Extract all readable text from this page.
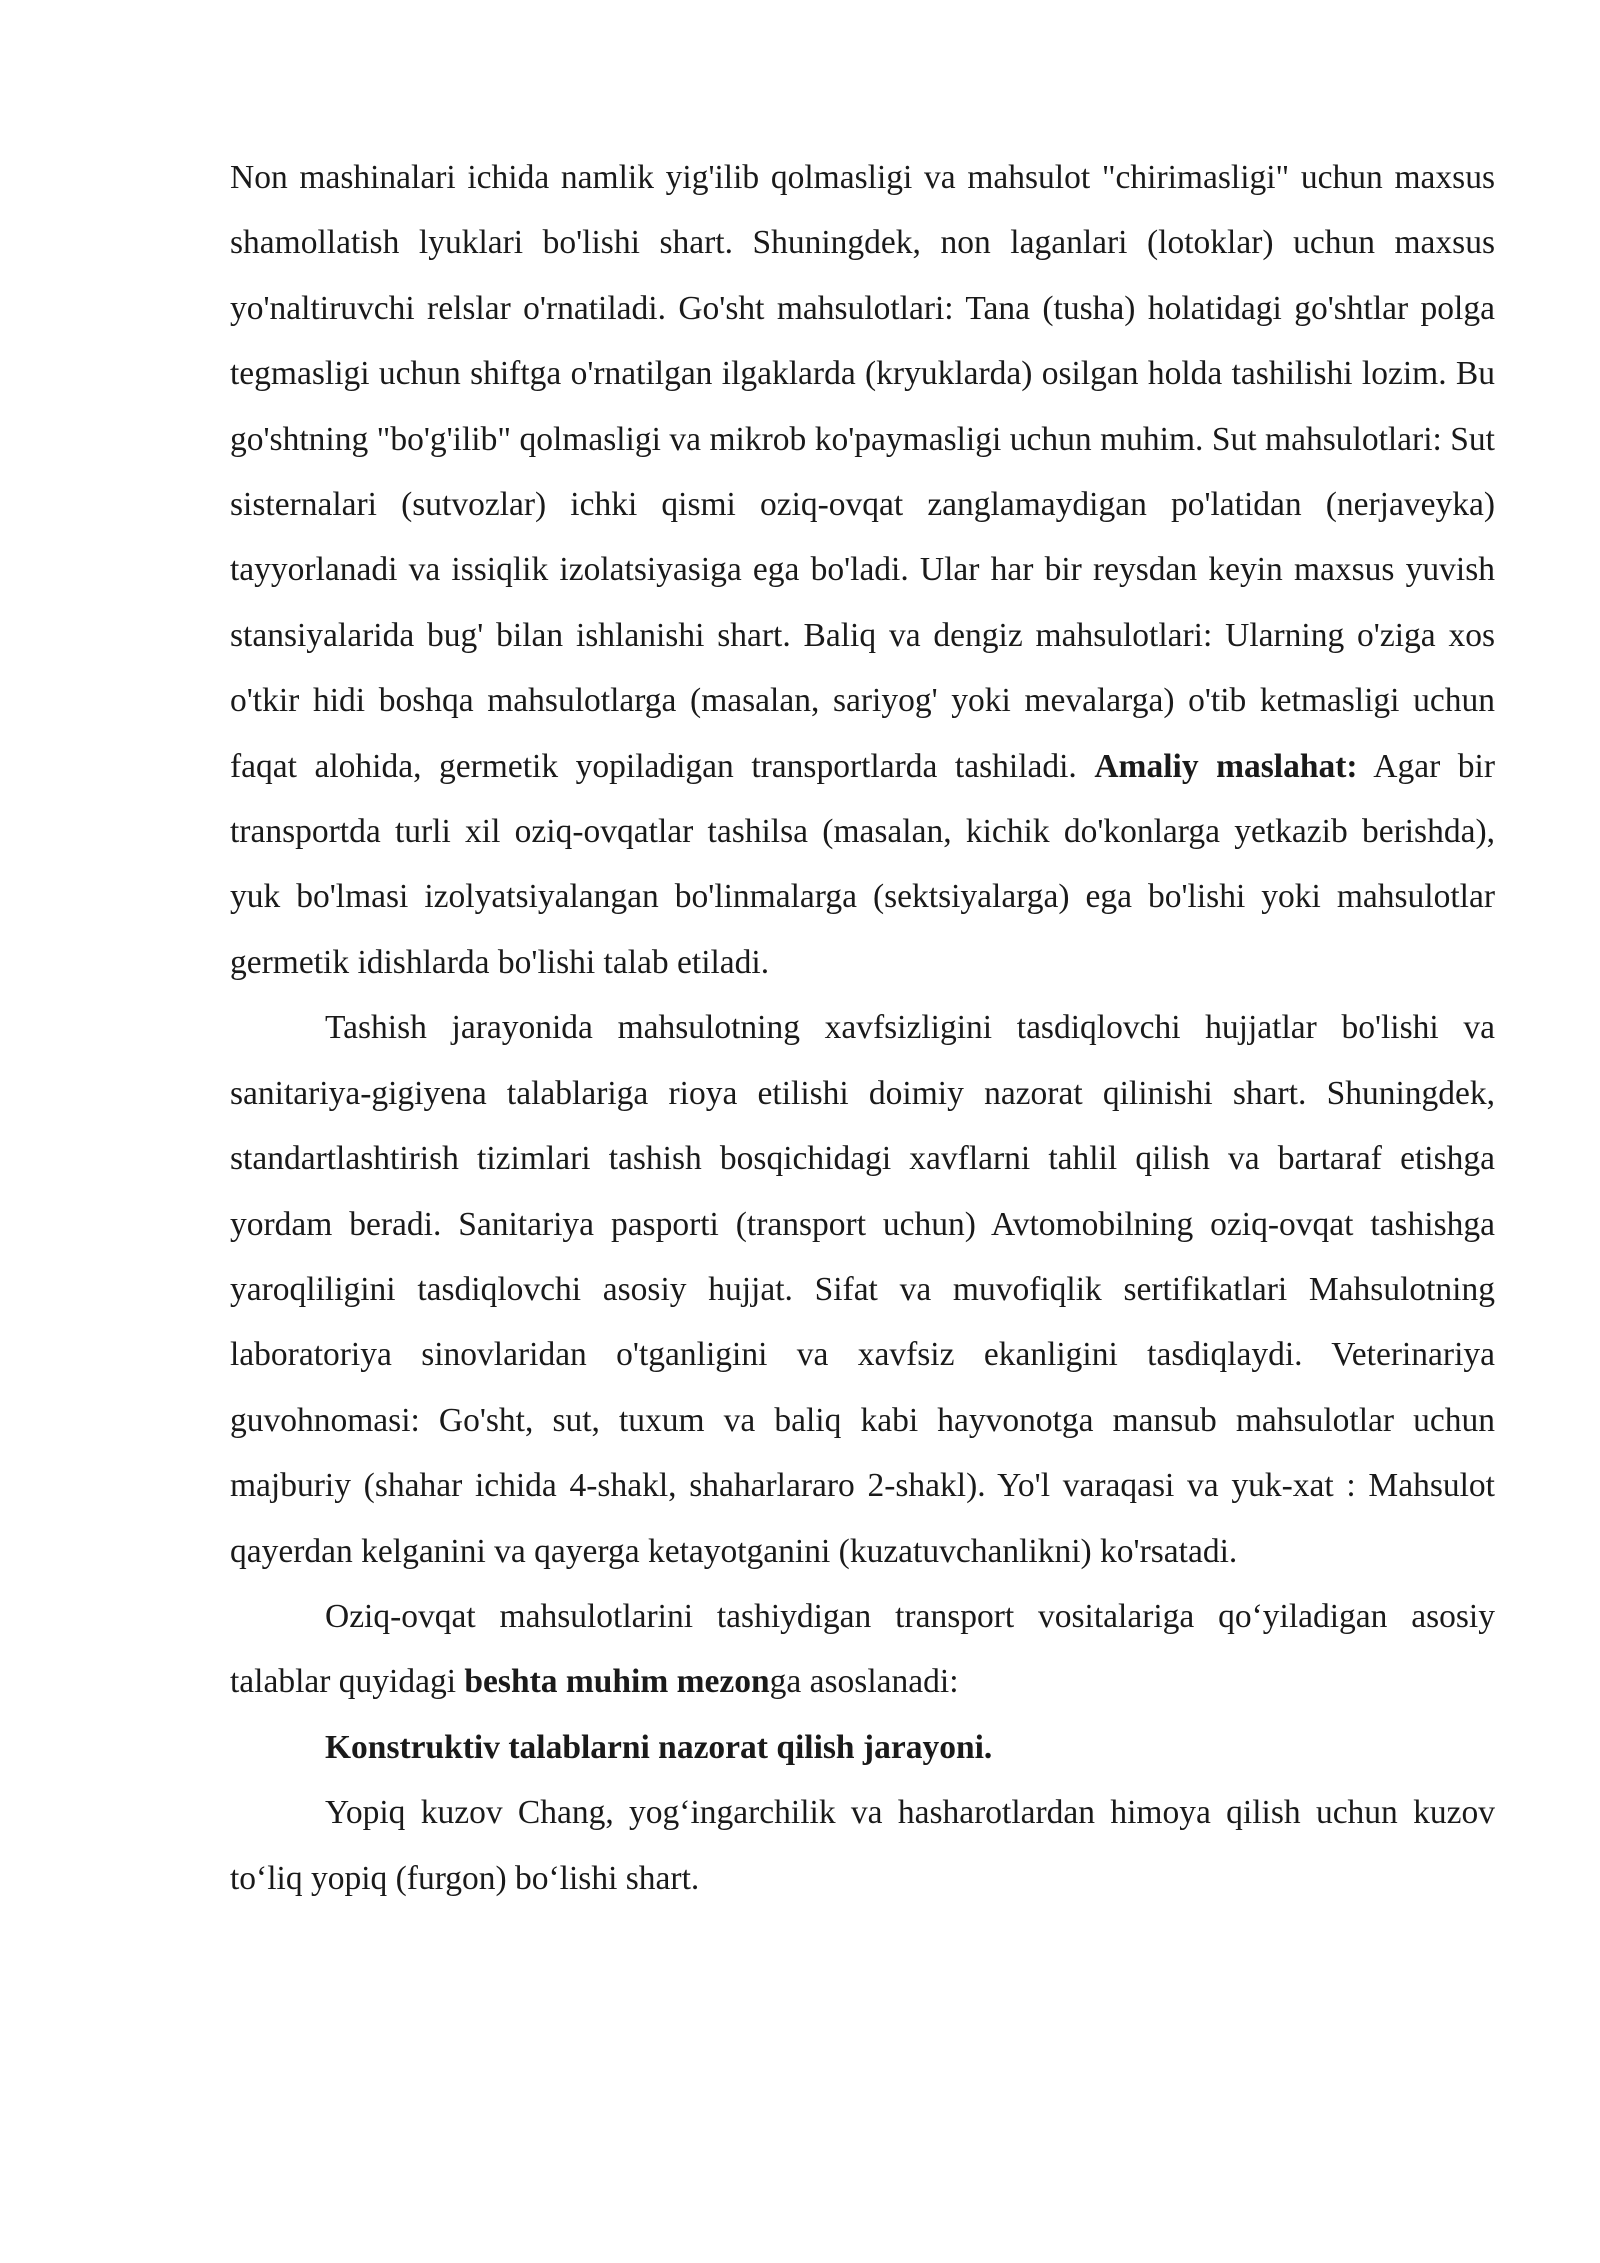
Non mashinalari ichida namlik yig'ilib qolmasligi va mahsulot "chirimasligi" uchun maxsus shamollatish lyuklari bo'lishi shart. Shuningdek, non laganlari (lotoklar) uchun maxsus yo'naltiruvchi relslar o'rnatiladi. Go'sht mahsulotlari: Tana (tusha) holatidagi go'shtlar polga tegmasligi uchun shiftga o'rnatilgan ilgaklarda (kryuklarda) osilgan holda tashilishi lozim. Bu go'shtning "bo'g'ilib" qolmasligi va mikrob ko'paymasligi uchun muhim. Sut mahsulotlari: Sut sisternalari (sutvozlar) ichki qismi oziq-ovqat zanglamaydigan po'latidan (nerjaveyka) tayyorlanadi va issiqlik izolatsiyasiga ega bo'ladi. Ular har bir reysdan keyin maxsus yuvish stansiyalarida bug' bilan ishlanishi shart. Baliq va dengiz mahsulotlari: Ularning o'ziga xos o'tkir hidi boshqa mahsulotlarga (masalan, sariyog' yoki mevalarga) o'tib ketmasligi uchun faqat alohida, germetik yopiladigan transportlarda tashiladi. Amaliy maslahat: Agar bir transportda turli xil oziq-ovqatlar tashilsa (masalan, kichik do'konlarga yetkazib berishda), yuk bo'lmasi izolyatsiyalangan bo'linmalarga (sektsiyalarga) ega bo'lishi yoki mahsulotlar germetik idishlarda bo'lishi talab etiladi.

Tashish jarayonida mahsulotning xavfsizligini tasdiqlovchi hujjatlar bo'lishi va sanitariya-gigiyena talablariga rioya etilishi doimiy nazorat qilinishi shart. Shuningdek, standartlashtirish tizimlari tashish bosqichidagi xavflarni tahlil qilish va bartaraf etishga yordam beradi. Sanitariya pasporti (transport uchun) Avtomobilning oziq-ovqat tashishga yaroqliligini tasdiqlovchi asosiy hujjat. Sifat va muvofiqlik sertifikatlari Mahsulotning laboratoriya sinovlaridan o'tganligini va xavfsiz ekanligini tasdiqlaydi. Veterinariya guvohnomasi: Go'sht, sut, tuxum va baliq kabi hayvonotga mansub mahsulotlar uchun majburiy (shahar ichida 4-shakl, shaharlararo 2-shakl). Yo'l varaqasi va yuk-xat : Mahsulot qayerdan kelganini va qayerga ketayotganini (kuzatuvchanlikni) ko'rsatadi.

Oziq-ovqat mahsulotlarini tashiydigan transport vositalariga qo‘yiladigan asosiy talablar quyidagi beshta muhim mezonga asoslanadi:

Konstruktiv talablarni nazorat qilish jarayoni.

Yopiq kuzov Chang, yog‘ingarchilik va hasharotlardan himoya qilish uchun kuzov to‘liq yopiq (furgon) bo‘lishi shart.
